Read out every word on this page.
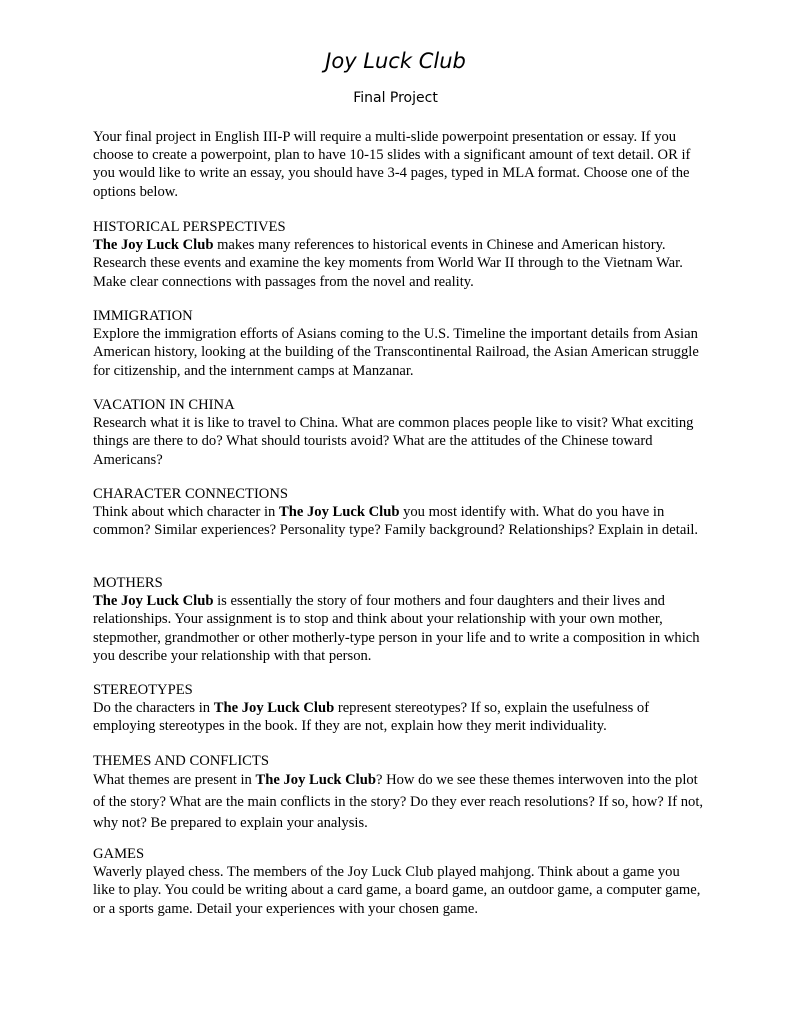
Joy Luck Club
Final Project

Your final project in English III-P will require a multi-slide powerpoint presentation or essay. If you choose to create a powerpoint, plan to have 10-15 slides with a significant amount of text detail. OR if you would like to write an essay, you should have 3-4 pages, typed in MLA format. Choose one of the options below.

HISTORICAL PERSPECTIVES
The Joy Luck Club makes many references to historical events in Chinese and American history. Research these events and examine the key moments from World War II through to the Vietnam War. Make clear connections with passages from the novel and reality.
IMMIGRATION
Explore the immigration efforts of Asians coming to the U.S. Timeline the important details from Asian American history, looking at the building of the Transcontinental Railroad, the Asian American struggle for citizenship, and the internment camps at Manzanar.
VACATION IN CHINA
Research what it is like to travel to China. What are common places people like to visit? What exciting things are there to do? What should tourists avoid? What are the attitudes of the Chinese toward Americans?
CHARACTER CONNECTIONS
Think about which character in The Joy Luck Club you most identify with. What do you have in common? Similar experiences? Personality type? Family background? Relationships? Explain in detail.
MOTHERS
The Joy Luck Club is essentially the story of four mothers and four daughters and their lives and relationships. Your assignment is to stop and think about your relationship with your own mother, stepmother, grandmother or other motherly-type person in your life and to write a composition in which you describe your relationship with that person.
STEREOTYPES
Do the characters in The Joy Luck Club represent stereotypes? If so, explain the usefulness of employing stereotypes in the book. If they are not, explain how they merit individuality.
THEMES AND CONFLICTS
What themes are present in The Joy Luck Club? How do we see these themes interwoven into the plot of the story? What are the main conflicts in the story? Do they ever reach resolutions? If so, how? If not, why not? Be prepared to explain your analysis.
GAMES
Waverly played chess. The members of the Joy Luck Club played mahjong. Think about a game you like to play. You could be writing about a card game, a board game, an outdoor game, a computer game, or a sports game. Detail your experiences with your chosen game.
